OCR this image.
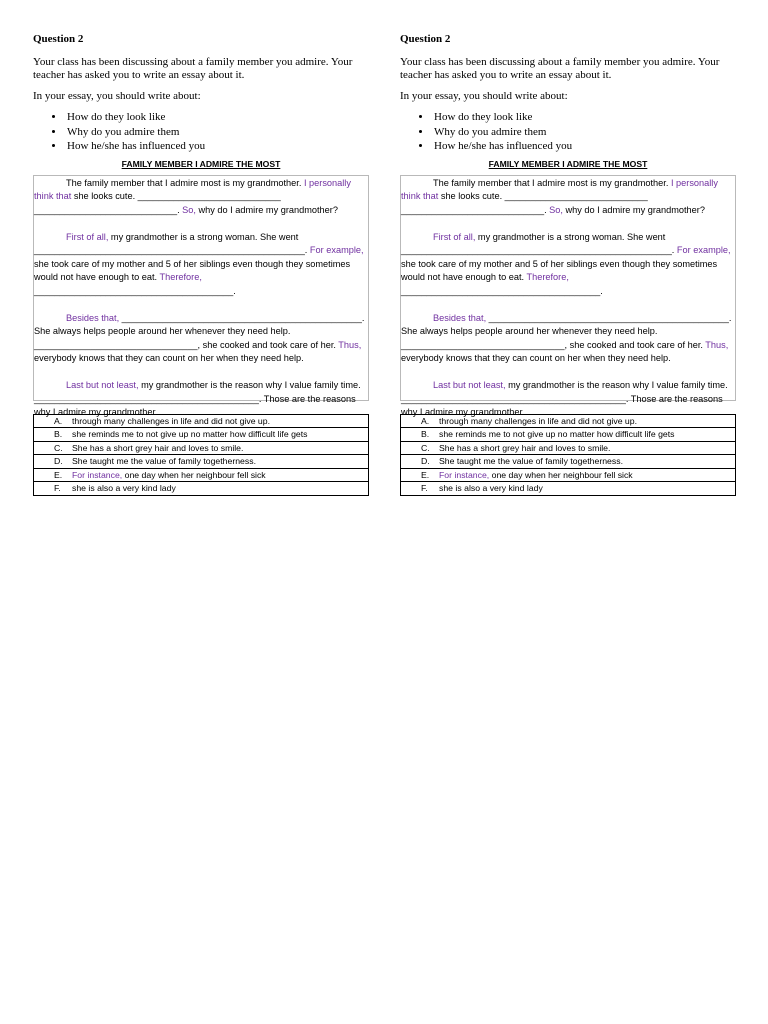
Question 2

Your class has been discussing about a family member you admire. Your teacher has asked you to write an essay about it.

In your essay, you should write about:

• How do they look like
• Why do you admire them
• How he/she has influenced you
FAMILY MEMBER I ADMIRE THE MOST

The family member that I admire most is my grandmother. I personally think that she looks cute. ____________________________ ____________________________. So, why do I admire my grandmother?

First of all, my grandmother is a strong woman. She went _____________________________________________________. For example, she took care of my mother and 5 of her siblings even though they sometimes would not have enough to eat. Therefore, _______________________________________.

Besides that, _______________________________________________. She always helps people around her whenever they need help. ________________________________, she cooked and took care of her. Thus, everybody knows that they can count on her when they need help.

Last but not least, my grandmother is the reason why I value family time. ____________________________________________. Those are the reasons why I admire my grandmother.

A.	through many challenges in life and did not give up.
B.	she reminds me to not give up no matter how difficult life gets
C.	She has a short grey hair and loves to smile.
D.	She taught me the value of family togetherness.
E.	For instance, one day when her neighbour fell sick
F.	she is also a very kind lady
Question 2

Your class has been discussing about a family member you admire. Your teacher has asked you to write an essay about it.

In your essay, you should write about:

• How do they look like
• Why do you admire them
• How he/she has influenced you
FAMILY MEMBER I ADMIRE THE MOST

The family member that I admire most is my grandmother. I personally think that she looks cute. ____________________________ ____________________________. So, why do I admire my grandmother?

First of all, my grandmother is a strong woman. She went _____________________________________________________. For example, she took care of my mother and 5 of her siblings even though they sometimes would not have enough to eat. Therefore, _______________________________________.

Besides that, _______________________________________________. She always helps people around her whenever they need help. ________________________________, she cooked and took care of her. Thus, everybody knows that they can count on her when they need help.

Last but not least, my grandmother is the reason why I value family time. ____________________________________________. Those are the reasons why I admire my grandmother.

A.	through many challenges in life and did not give up.
B.	she reminds me to not give up no matter how difficult life gets
C.	She has a short grey hair and loves to smile.
D.	She taught me the value of family togetherness.
E.	For instance, one day when her neighbour fell sick
F.	she is also a very kind lady
